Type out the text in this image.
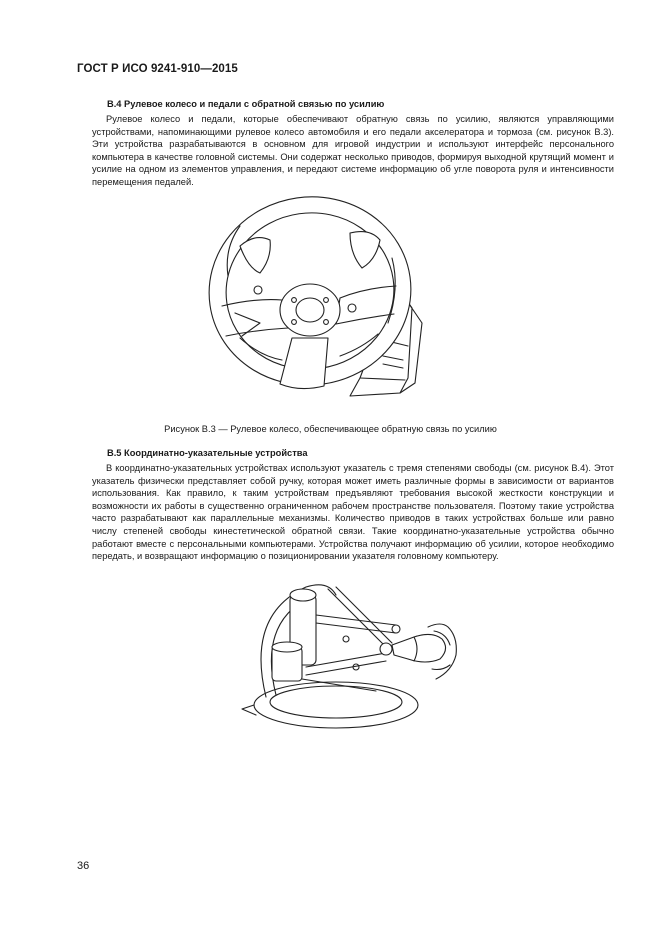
ГОСТ Р ИСО 9241-910—2015
B.4 Рулевое колесо и педали с обратной связью по усилию

Рулевое колесо и педали, которые обеспечивают обратную связь по усилию, являются управляющими устройствами, напоминающими рулевое колесо автомобиля и его педали акселератора и тормоза (см. рисунок B.3). Эти устройства разрабатываются в основном для игровой индустрии и используют интерфейс персонального компьютера в качестве головной системы. Они содержат несколько приводов, формируя выходной крутящий момент и усилие на одном из элементов управления, и передают системе информацию об угле поворота руля и интенсивности перемещения педалей.

Рисунок B.3 — Рулевое колесо, обеспечивающее обратную связь по усилию
B.5 Координатно-указательные устройства

В координатно-указательных устройствах используют указатель с тремя степенями свободы (см. рисунок B.4). Этот указатель физически представляет собой ручку, которая может иметь различные формы в зависимости от вариантов использования. Как правило, к таким устройствам предъявляют требования высокой жесткости конструкции и возможности их работы в существенно ограниченном рабочем пространстве пользователя. Поэтому такие устройства часто разрабатывают как параллельные механизмы. Количество приводов в таких устройствах больше или равно числу степеней свободы кинестетической обратной связи. Такие координатно-указательные устройства обычно работают вместе с персональными компьютерами. Устройства получают информацию об усилии, которое необходимо передать, и возвращают информацию о позиционировании указателя головному компьютеру.

36
